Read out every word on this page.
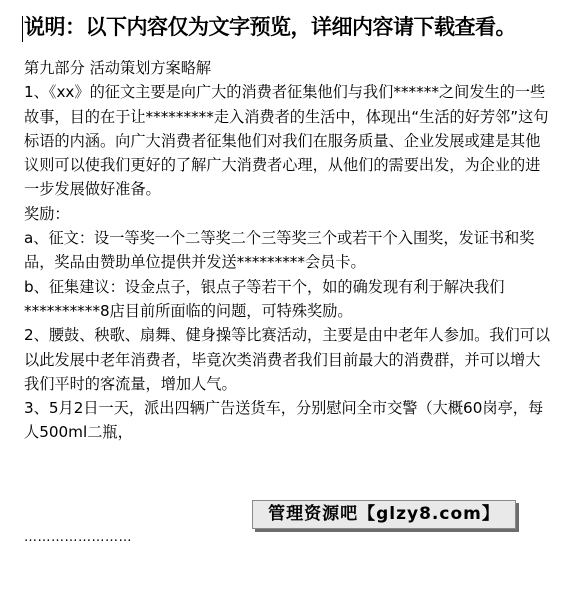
说明：以下内容仅为文字预览，详细内容请下载查看。

第九部分 活动策划方案略解

1、《xx》的征文主要是向广大的消费者征集他们与我们******之间发生的一些故事，目的在于让*********走入消费者的生活中，体现出“生活的好芳邻”这句标语的内涵。向广大消费者征集他们对我们在服务质量、企业发展或建是其他议则可以使我们更好的了解广大消费者心理，从他们的需要出发，为企业的进一步发展做好准备。

奖励：

a、征文：设一等奖一个二等奖二个三等奖三个或若干个入围奖，发证书和奖品，奖品由赞助单位提供并发送*********会员卡。

b、征集建议：设金点子，银点子等若干个，如的确发现有利于解决我们**********8店目前所面临的问题，可特殊奖励。

2、腰鼓、秧歌、扇舞、健身操等比赛活动，主要是由中老年人参加。我们可以以此发展中老年消费者，毕竟次类消费者我们目前最大的消费群，并可以增大我们平时的客流量，增加人气。

3、5月2日一天，派出四辆广告送货车，分别慰问全市交警（大概60岗亭，每人500ml二瓶，

……………………
管理资源吧【glzy8.com】
